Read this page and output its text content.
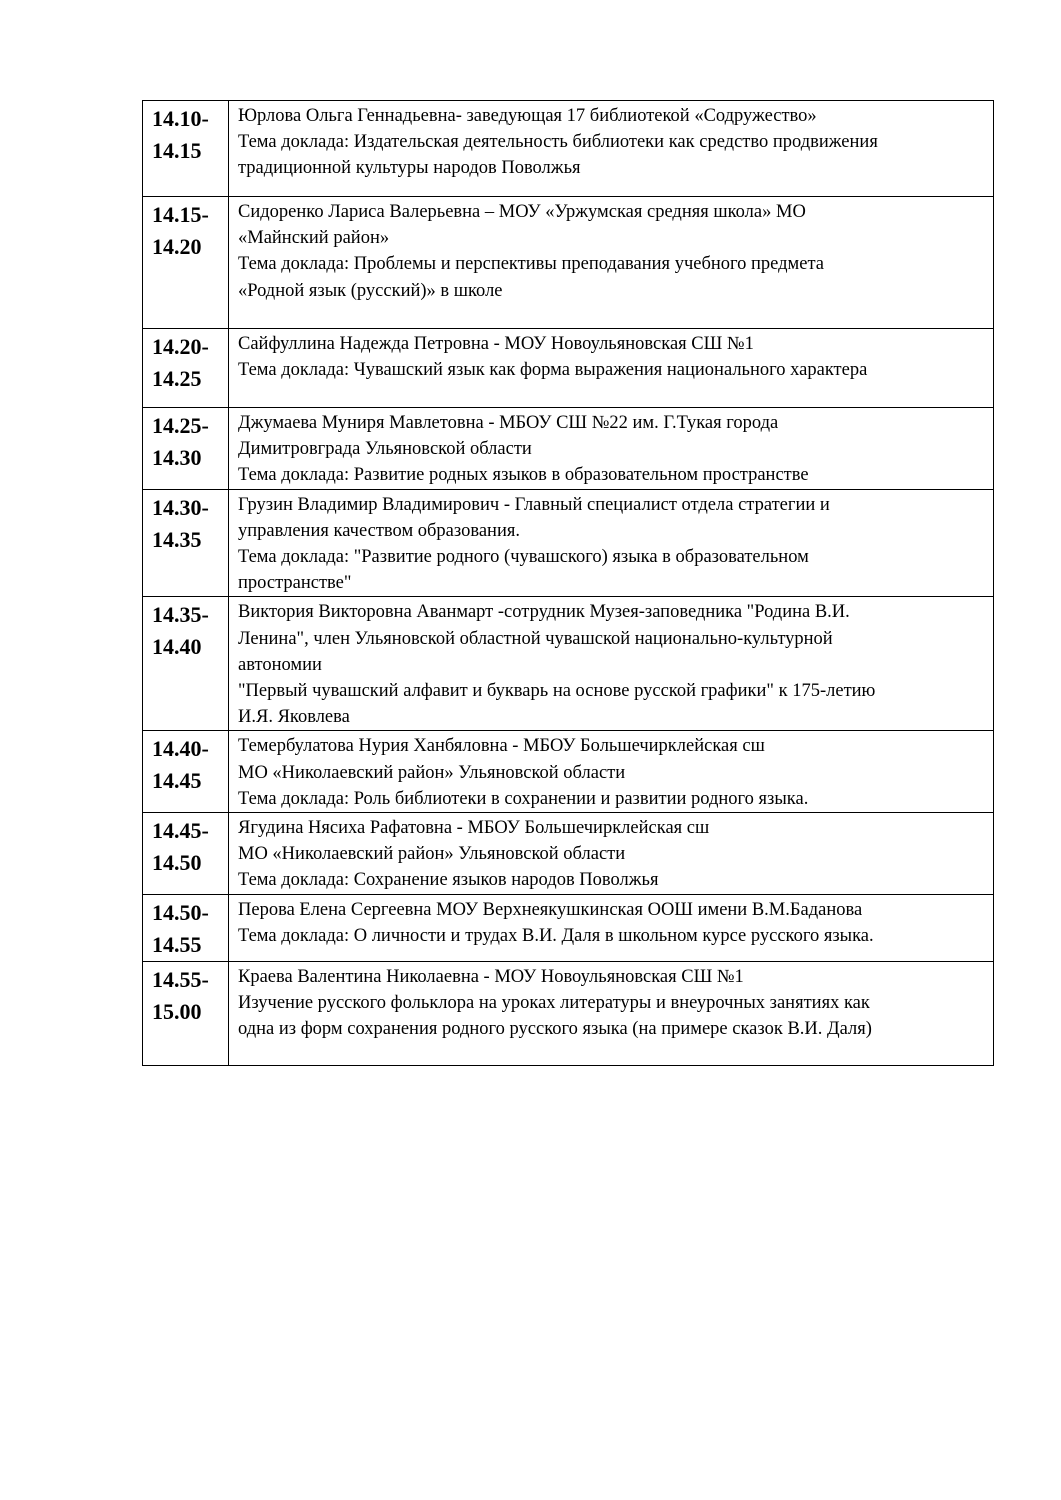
14.10-
14.15	Юрлова Ольга Геннадьевна- заведующая 17 библиотекой «Содружество»
Тема доклада: Издательская деятельность библиотеки как средство продвижения
традиционной культуры народов Поволжья

14.15-
14.20	Сидоренко Лариса Валерьевна – МОУ «Уржумская средняя школа» МО
«Майнский район»
Тема доклада: Проблемы и перспективы преподавания учебного предмета
«Родной язык (русский)» в школе

14.20-
14.25	Сайфуллина Надежда Петровна - МОУ Новоульяновская СШ №1
Тема доклада: Чувашский язык как форма выражения национального характера

14.25-
14.30	Джумаева Муниря Мавлетовна - МБОУ СШ №22 им. Г.Тукая города
Димитровграда Ульяновской области
Тема доклада: Развитие родных языков в образовательном пространстве

14.30-
14.35	Грузин Владимир Владимирович - Главный специалист отдела стратегии и
управления качеством образования.
Тема доклада: "Развитие родного (чувашского) языка в образовательном
пространстве"

14.35-
14.40	Виктория Викторовна Аванмарт -сотрудник Музея-заповедника "Родина В.И.
Ленина", член Ульяновской областной чувашской национально-культурной
автономии
"Первый чувашский алфавит и букварь на основе русской графики" к 175-летию
И.Я. Яковлева

14.40-
14.45	Темербулатова Нурия Ханбяловна - МБОУ Большечирклейская сш
МО «Николаевский район» Ульяновской области
Тема доклада: Роль библиотеки в сохранении и развитии родного языка.

14.45-
14.50	Ягудина Нясиха Рафатовна - МБОУ Большечирклейская сш
МО «Николаевский район» Ульяновской области
Тема доклада: Сохранение языков народов Поволжья

14.50-
14.55	Перова Елена Сергеевна МОУ Верхнеякушкинская ООШ имени В.М.Баданова
Тема доклада: О личности и трудах В.И. Даля в школьном курсе русского языка.

14.55-
15.00	Краева Валентина Николаевна - МОУ Новоульяновская СШ №1
Изучение русского фольклора на уроках литературы и внеурочных занятиях как
одна из форм сохранения родного русского языка (на примере сказок В.И. Даля)
